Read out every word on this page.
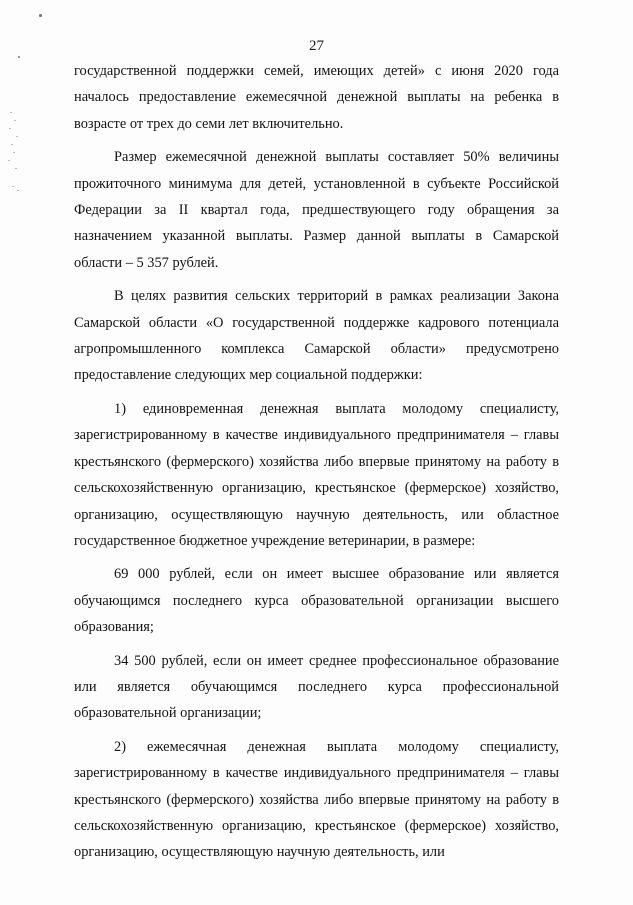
27

государственной поддержки семей, имеющих детей» с июня 2020 года началось предоставление ежемесячной денежной выплаты на ребенка в возрасте от трех до семи лет включительно.

Размер ежемесячной денежной выплаты составляет 50% величины прожиточного минимума для детей, установленной в субъекте Российской Федерации за II квартал года, предшествующего году обращения за назначением указанной выплаты. Размер данной выплаты в Самарской области – 5 357 рублей.

В целях развития сельских территорий в рамках реализации Закона Самарской области «О государственной поддержке кадрового потенциала агропромышленного комплекса Самарской области» предусмотрено предоставление следующих мер социальной поддержки:

1) единовременная денежная выплата молодому специалисту, зарегистрированному в качестве индивидуального предпринимателя – главы крестьянского (фермерского) хозяйства либо впервые принятому на работу в сельскохозяйственную организацию, крестьянское (фермерское) хозяйство, организацию, осуществляющую научную деятельность, или областное государственное бюджетное учреждение ветеринарии, в размере:

69 000 рублей, если он имеет высшее образование или является обучающимся последнего курса образовательной организации высшего образования;

34 500 рублей, если он имеет среднее профессиональное образование или является обучающимся последнего курса профессиональной образовательной организации;

2) ежемесячная денежная выплата молодому специалисту, зарегистрированному в качестве индивидуального предпринимателя – главы крестьянского (фермерского) хозяйства либо впервые принятому на работу в сельскохозяйственную организацию, крестьянское (фермерское) хозяйство, организацию, осуществляющую научную деятельность, или
